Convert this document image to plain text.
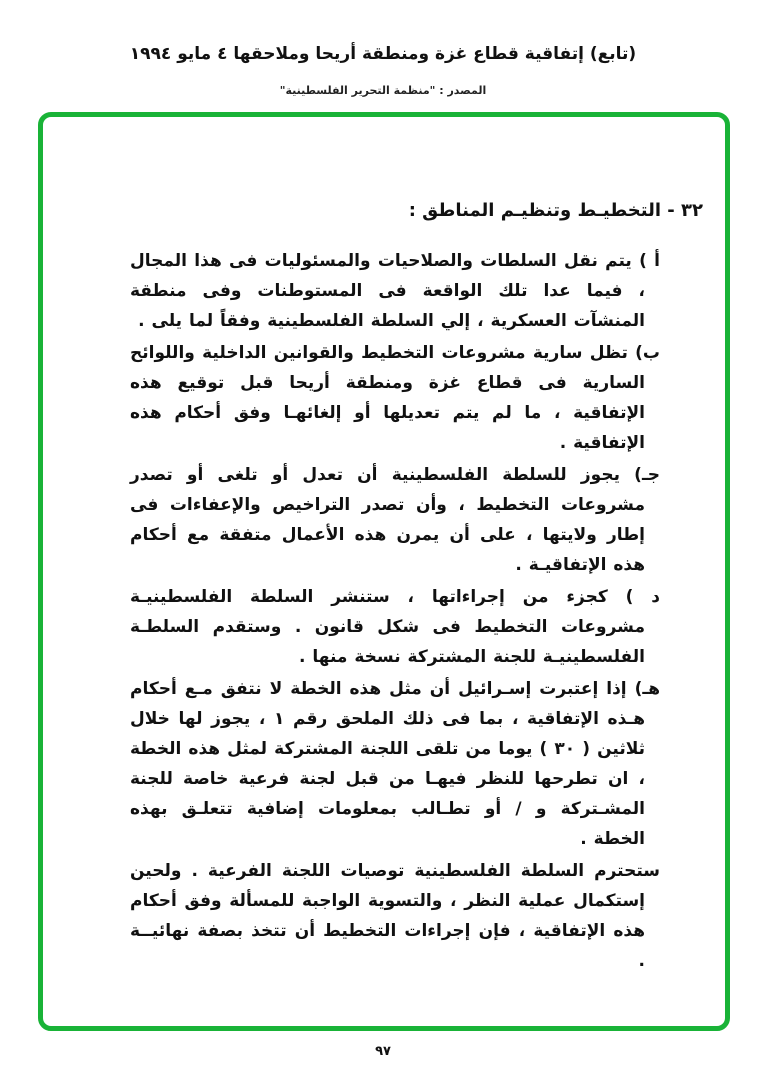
(تابع) إتفاقية قطاع غزة ومنطقة أريحا وملاحقها ٤ مايو ١٩٩٤
المصدر : "منظمة التحرير الفلسطينية"
٣٢ - التخطيـط وتنظيـم المناطق :

أ )يتم نقل السلطات والصلاحيات والمسئوليات فى هذا المجال ، فيما عدا تلك الواقعة فى المستوطنات وفى منطقة المنشآت العسكرية ، إلي السلطة الفلسطينية وفقاً لما يلى .

ب)تظل سارية مشروعات التخطيط والقوانين الداخلية واللوائح السارية فى قطاع غزة ومنطقة أريحا قبل توقيع هذه الإتفاقية ، ما لم يتم تعديلها أو إلغائهـا وفق أحكام هذه الإتفاقية .

جـ)يجوز للسلطة الفلسطينية أن تعدل أو تلغى أو تصدر مشروعات التخطيط ، وأن تصدر التراخيص والإعفاءات فى إطار ولايتها ، على أن يمرن هذه الأعمال متفقة مع أحكام هذه الإتفاقيـة .

د )كجزء من إجراءاتها ، ستنشر السلطة الفلسطينيـة مشروعات التخطيط فى شكل قانون . وستقدم السلطـة الفلسطينيـة للجنة المشتركة نسخة منها .

هـ)إذا إعتبرت إسـرائيل أن مثل هذه الخطة لا نتفق مـع أحكام هـذه الإتفاقية ، بما فى ذلك الملحق رقم ١ ، يجوز لها خلال ثلاثين ( ٣٠ ) يوما من تلقى اللجنة المشتركة لمثل هذه الخطة ، ان تطرحها للنظر فيهـا من قبل لجنة فرعية خاصة للجنة المشـتركة و / أو تطـالب بمعلومات إضافية تتعلـق بهذه الخطة .

ستحترم السلطة الفلسطينية توصيات اللجنة الفرعية . ولحين إستكمال عملية النظر ، والتسوية الواجبة للمسألة وفق أحكام هذه الإتفاقية ، فإن إجراءات التخطيط أن تتخذ بصفة نهائيــة .

٩٧
